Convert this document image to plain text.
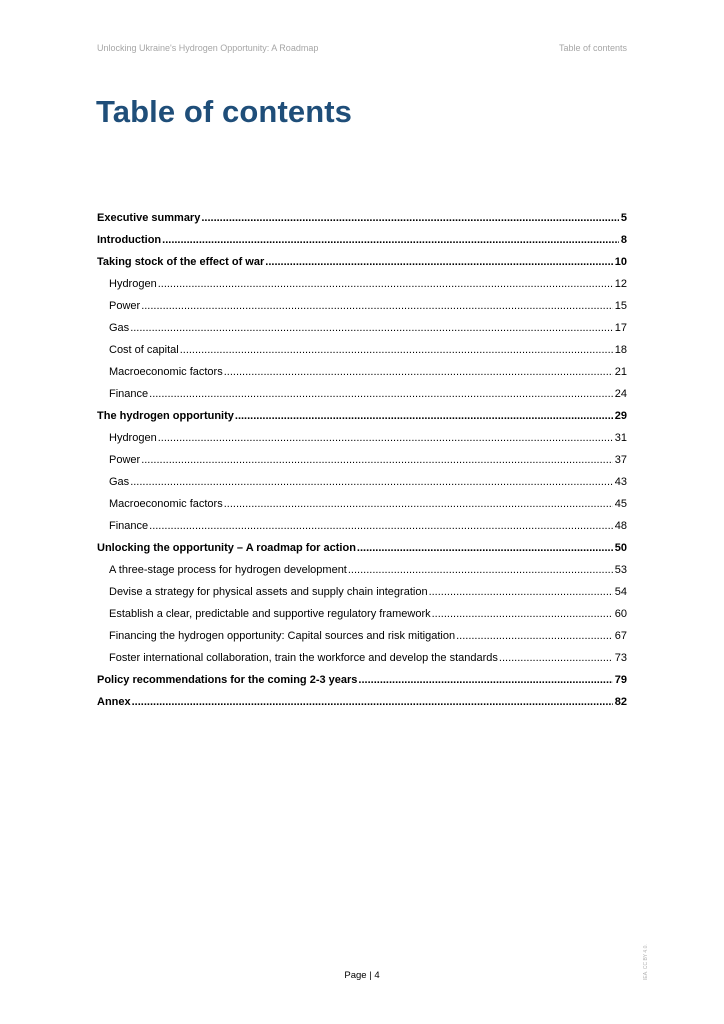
Unlocking Ukraine's Hydrogen Opportunity: A Roadmap	Table of contents
Table of contents
Executive summary .....	5
Introduction .....	8
Taking stock of the effect of war .....	10
Hydrogen .....	12
Power .....	15
Gas .....	17
Cost of capital .....	18
Macroeconomic factors .....	21
Finance .....	24
The hydrogen opportunity .....	29
Hydrogen .....	31
Power .....	37
Gas .....	43
Macroeconomic factors .....	45
Finance .....	48
Unlocking the opportunity – A roadmap for action .....	50
A three-stage process for hydrogen development .....	53
Devise a strategy for physical assets and supply chain integration .....	54
Establish a clear, predictable and supportive regulatory framework .....	60
Financing the hydrogen opportunity: Capital sources and risk mitigation .....	67
Foster international collaboration, train the workforce and develop the standards .....	73
Policy recommendations for the coming 2-3 years .....	79
Annex .....	82
Page | 4	IEA. CC BY 4.0.
